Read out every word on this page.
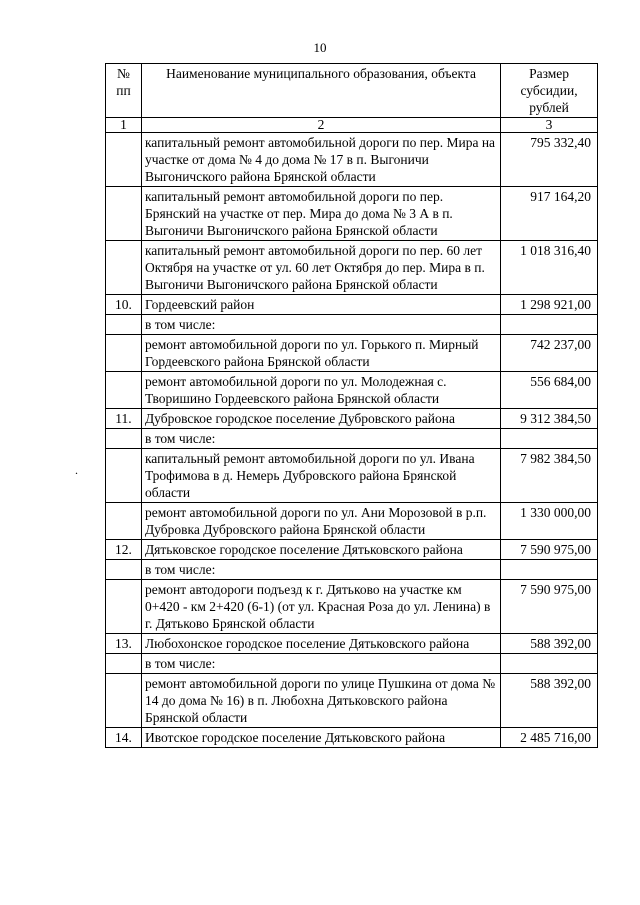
10
.
№ пп	Наименование муниципального образования, объекта	Размер субсидии, рублей
1	2	3
	капитальный ремонт автомобильной дороги по пер. Мира на участке от дома № 4 до дома № 17 в п. Выгоничи Выгоничского района Брянской области	795 332,40
	капитальный ремонт автомобильной дороги по пер. Брянский на участке от пер. Мира до дома № 3 А в п. Выгоничи Выгоничского района Брянской области	917 164,20
	капитальный ремонт автомобильной дороги по пер. 60 лет Октября на участке от ул. 60 лет Октября до пер. Мира в п. Выгоничи Выгоничского района Брянской области	1 018 316,40
10.	Гордеевский район	1 298 921,00
	в том числе:	
	ремонт автомобильной дороги по ул. Горького п. Мирный Гордеевского района Брянской области	742 237,00
	ремонт автомобильной дороги по ул. Молодежная с. Творишино Гордеевского района Брянской области	556 684,00
11.	Дубровское городское поселение Дубровского района	9 312 384,50
	в том числе:	
	капитальный ремонт автомобильной дороги по ул. Ивана Трофимова в д. Немерь Дубровского района Брянской области	7 982 384,50
	ремонт автомобильной дороги по ул. Ани Морозовой в р.п. Дубровка Дубровского района Брянской области	1 330 000,00
12.	Дятьковское городское поселение Дятьковского района	7 590 975,00
	в том числе:	
	ремонт автодороги подъезд к г. Дятьково на участке км 0+420 - км 2+420 (6-1) (от ул. Красная Роза до ул. Ленина) в г. Дятьково Брянской области	7 590 975,00
13.	Любохонское городское поселение Дятьковского района	588 392,00
	в том числе:	
	ремонт автомобильной дороги по улице Пушкина от дома № 14 до дома № 16) в п. Любохна Дятьковского района Брянской области	588 392,00
14.	Ивотское городское поселение Дятьковского района	2 485 716,00
